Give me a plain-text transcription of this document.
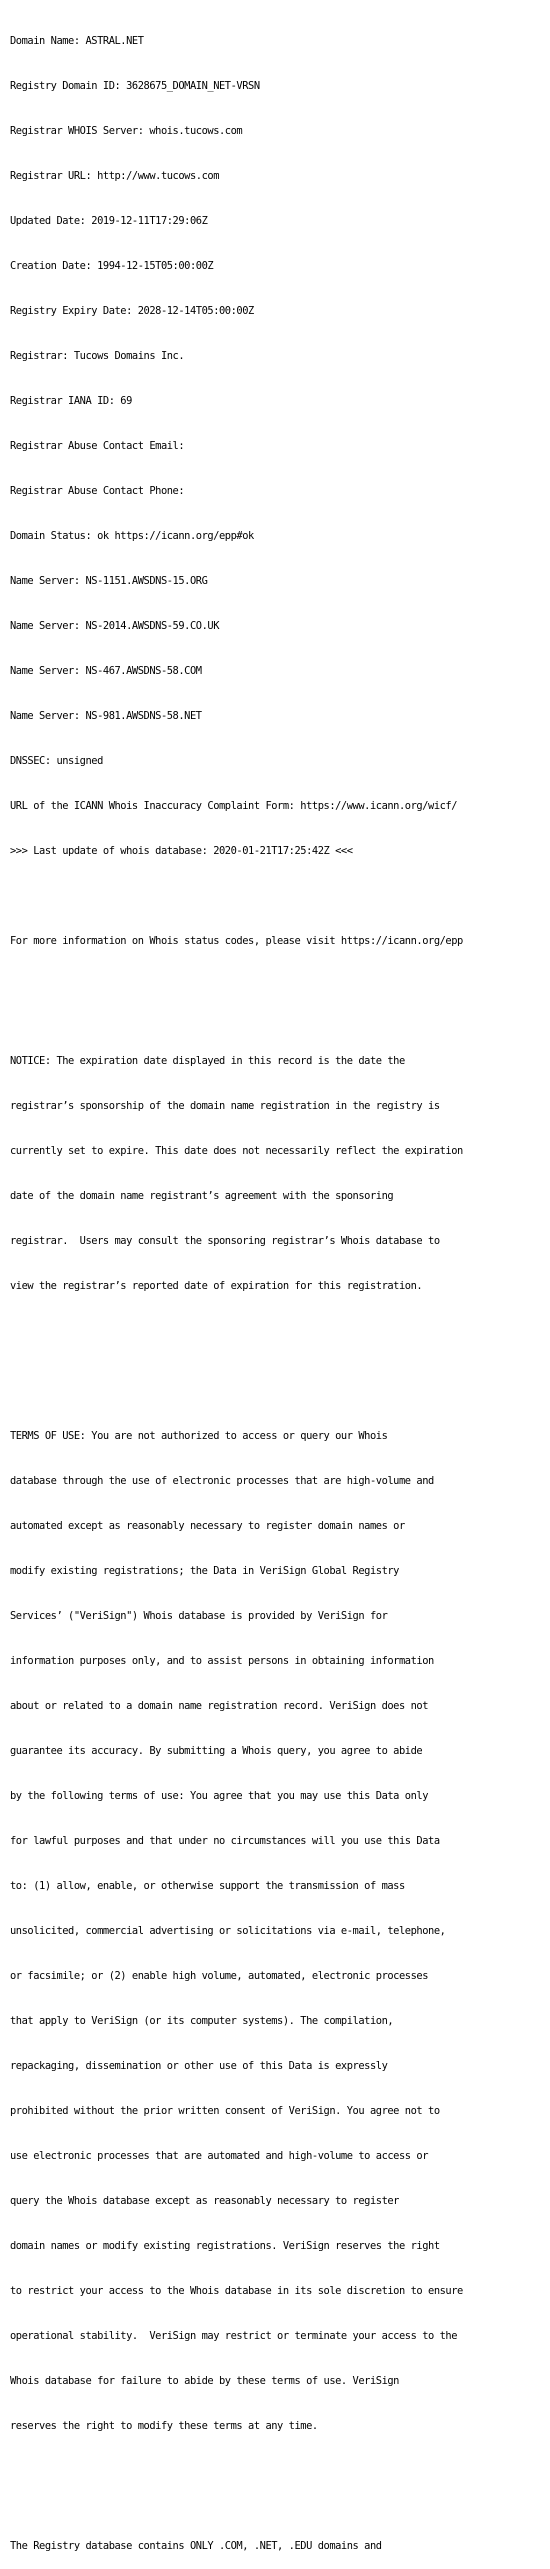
Domain Name: ASTRAL.NET

Registry Domain ID: 3628675_DOMAIN_NET-VRSN

Registrar WHOIS Server: whois.tucows.com

Registrar URL: http://www.tucows.com

Updated Date: 2019-12-11T17:29:06Z

Creation Date: 1994-12-15T05:00:00Z

Registry Expiry Date: 2028-12-14T05:00:00Z

Registrar: Tucows Domains Inc.

Registrar IANA ID: 69

Registrar Abuse Contact Email:

Registrar Abuse Contact Phone:

Domain Status: ok https://icann.org/epp#ok

Name Server: NS-1151.AWSDNS-15.ORG

Name Server: NS-2014.AWSDNS-59.CO.UK

Name Server: NS-467.AWSDNS-58.COM

Name Server: NS-981.AWSDNS-58.NET

DNSSEC: unsigned

URL of the ICANN Whois Inaccuracy Complaint Form: https://www.icann.org/wicf/

>>> Last update of whois database: 2020-01-21T17:25:42Z <<<

For more information on Whois status codes, please visit https://icann.org/epp

NOTICE: The expiration date displayed in this record is the date the

registrar’s sponsorship of the domain name registration in the registry is

currently set to expire. This date does not necessarily reflect the expiration

date of the domain name registrant’s agreement with the sponsoring

registrar.  Users may consult the sponsoring registrar’s Whois database to

view the registrar’s reported date of expiration for this registration.

TERMS OF USE: You are not authorized to access or query our Whois

database through the use of electronic processes that are high-volume and

automated except as reasonably necessary to register domain names or

modify existing registrations; the Data in VeriSign Global Registry

Services’ ("VeriSign") Whois database is provided by VeriSign for

information purposes only, and to assist persons in obtaining information

about or related to a domain name registration record. VeriSign does not

guarantee its accuracy. By submitting a Whois query, you agree to abide

by the following terms of use: You agree that you may use this Data only

for lawful purposes and that under no circumstances will you use this Data

to: (1) allow, enable, or otherwise support the transmission of mass

unsolicited, commercial advertising or solicitations via e-mail, telephone,

or facsimile; or (2) enable high volume, automated, electronic processes

that apply to VeriSign (or its computer systems). The compilation,

repackaging, dissemination or other use of this Data is expressly

prohibited without the prior written consent of VeriSign. You agree not to

use electronic processes that are automated and high-volume to access or

query the Whois database except as reasonably necessary to register

domain names or modify existing registrations. VeriSign reserves the right

to restrict your access to the Whois database in its sole discretion to ensure

operational stability.  VeriSign may restrict or terminate your access to the

Whois database for failure to abide by these terms of use. VeriSign

reserves the right to modify these terms at any time.

The Registry database contains ONLY .COM, .NET, .EDU domains and
